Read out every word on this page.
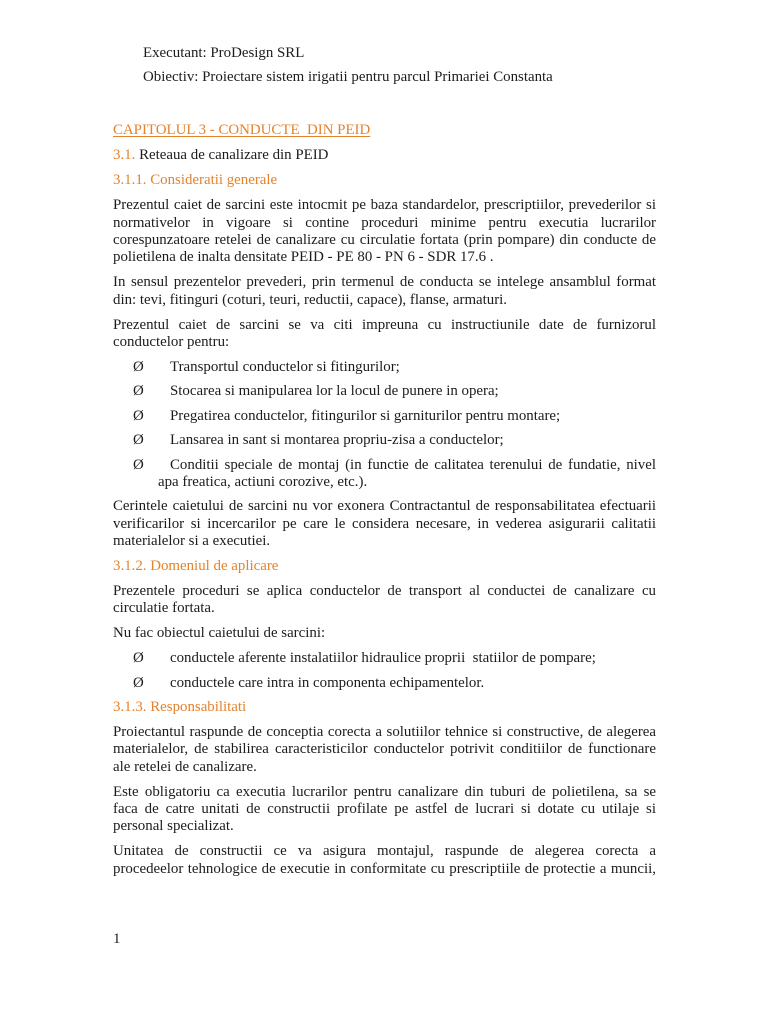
Executant: ProDesign SRL

Obiectiv: Proiectare sistem irigatii pentru parcul Primariei Constanta

CAPITOLUL 3 - CONDUCTE  DIN PEID

3.1. Reteaua de canalizare din PEID

3.1.1. Consideratii generale

Prezentul caiet de sarcini este intocmit pe baza standardelor, prescriptiilor, prevederilor si
normativelor in vigoare si contine proceduri minime pentru executia lucrarilor
corespunzatoare retelei de canalizare cu circulatie fortata (prin pompare) din conducte de
polietilena de inalta densitate PEID - PE 80 - PN 6 - SDR 17.6 .

In sensul prezentelor prevederi, prin termenul de conducta se intelege ansamblul format
din: tevi, fitinguri (coturi, teuri, reductii, capace), flanse, armaturi.

Prezentul caiet de sarcini se va citi impreuna cu instructiunile date de furnizorul
conductelor pentru:

Ø	Transportul conductelor si fitingurilor;
Ø	Stocarea si manipularea lor la locul de punere in opera;
Ø	Pregatirea conductelor, fitingurilor si garniturilor pentru montare;
Ø	Lansarea in sant si montarea propriu-zisa a conductelor;
Ø	Conditii speciale de montaj (in functie de calitatea terenului de fundatie, nivel
apa freatica, actiuni corozive, etc.).

Cerintele caietului de sarcini nu vor exonera Contractantul de responsabilitatea efectuarii
verificarilor si incercarilor pe care le considera necesare, in vederea asigurarii calitatii
materialelor si a executiei.

3.1.2. Domeniul de aplicare

Prezentele proceduri se aplica conductelor de transport al conductei de canalizare cu
circulatie fortata.

Nu fac obiectul caietului de sarcini:

Ø	conductele aferente instalatiilor hidraulice proprii  statiilor de pompare;
Ø	conductele care intra in componenta echipamentelor.

3.1.3. Responsabilitati

Proiectantul raspunde de conceptia corecta a solutiilor tehnice si constructive, de alegerea
materialelor, de stabilirea caracteristicilor conductelor potrivit conditiilor de functionare
ale retelei de canalizare.

Este obligatoriu ca executia lucrarilor pentru canalizare din tuburi de polietilena, sa se
faca de catre unitati de constructii profilate pe astfel de lucrari si dotate cu utilaje si
personal specializat.

Unitatea de constructii ce va asigura montajul, raspunde de alegerea corecta a
procedeelor tehnologice de executie in conformitate cu prescriptiile de protectie a muncii,

1
